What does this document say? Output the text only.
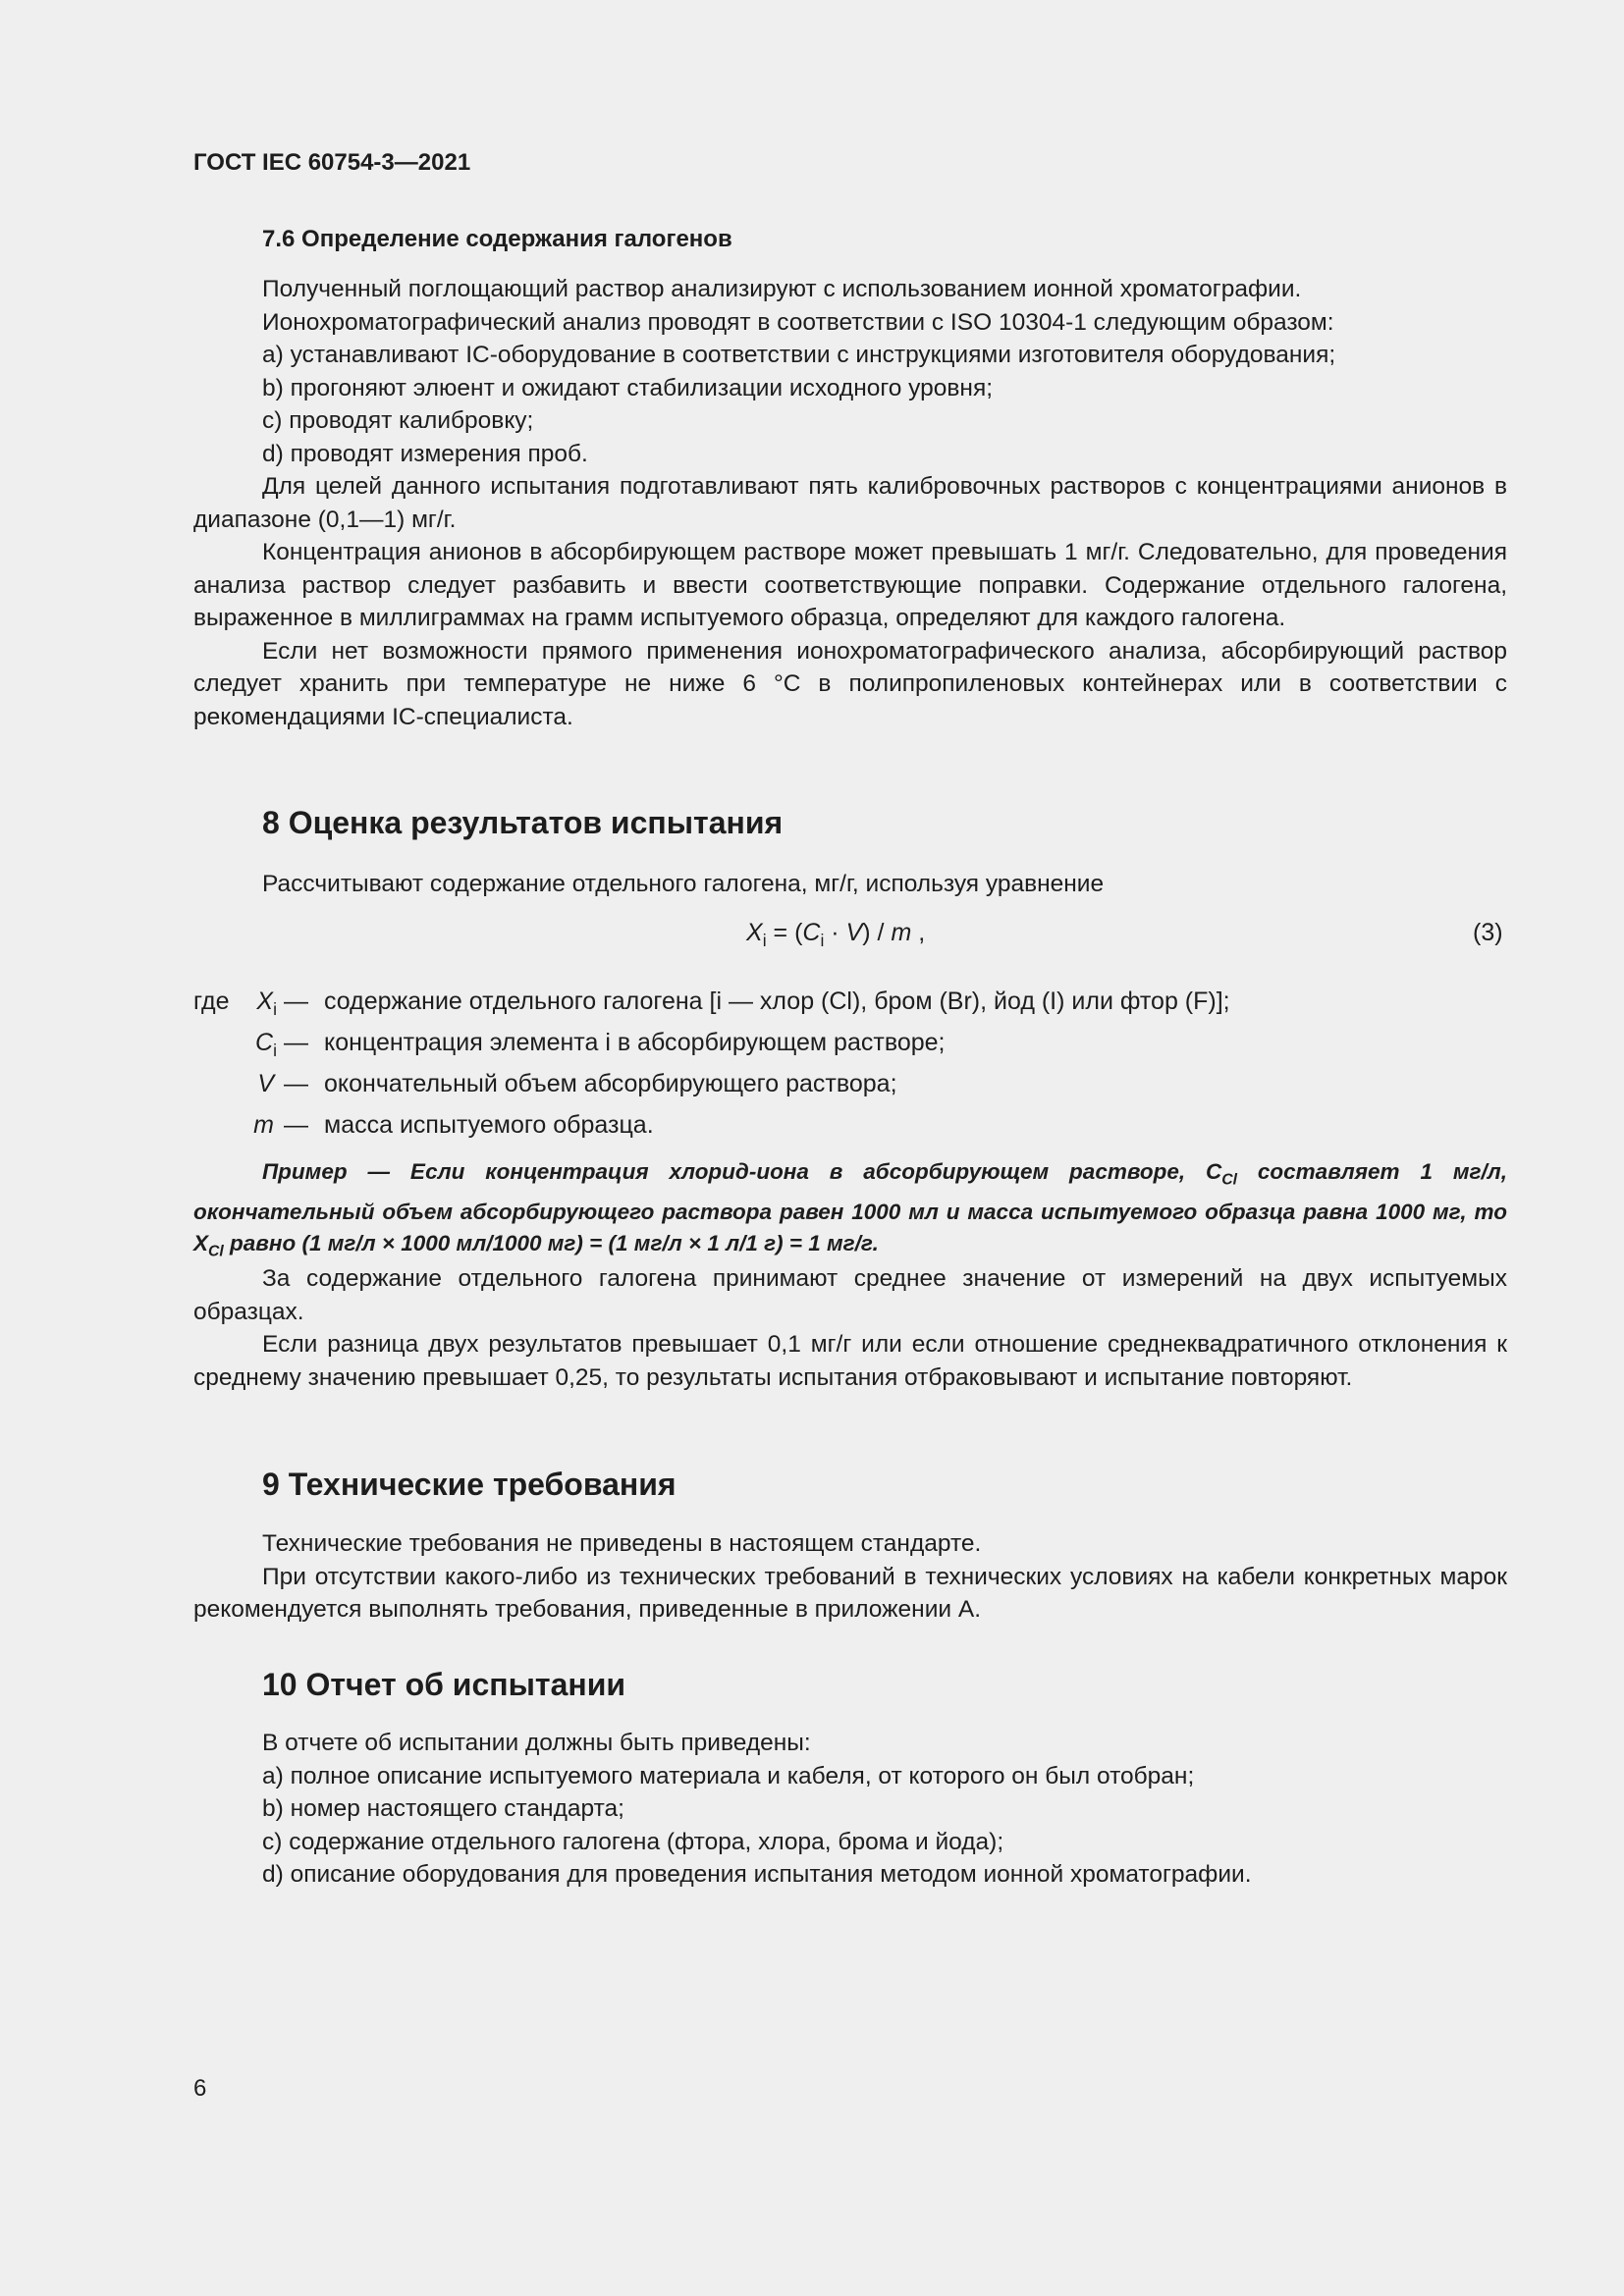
ГОСТ IEC 60754-3—2021
7.6 Определение содержания галогенов

Полученный поглощающий раствор анализируют с использованием ионной хроматографии.

Ионохроматографический анализ проводят в соответствии с ISO 10304-1 следующим образом:

a) устанавливают IC-оборудование в соответствии с инструкциями изготовителя оборудования;

b) прогоняют элюент и ожидают стабилизации исходного уровня;

c) проводят калибровку;

d) проводят измерения проб.

Для целей данного испытания подготавливают пять калибровочных растворов с концентрациями анионов в диапазоне (0,1—1) мг/г.

Концентрация анионов в абсорбирующем растворе может превышать 1 мг/г. Следовательно, для проведения анализа раствор следует разбавить и ввести соответствующие поправки. Содержание отдельного галогена, выраженное в миллиграммах на грамм испытуемого образца, определяют для каждого галогена.

Если нет возможности прямого применения ионохроматографического анализа, абсорбирующий раствор следует хранить при температуре не ниже 6 °С в полипропиленовых контейнерах или в соответствии с рекомендациями IC-специалиста.

8 Оценка результатов испытания

Рассчитывают содержание отдельного галогена, мг/г, используя уравнение

$X_i = (C_i \cdot V) / m$ ,	(3)
где	$X_i$ — содержание отдельного галогена [i — хлор (Cl), бром (Br), йод (I) или фтор (F)];
$C_i$ — концентрация элемента i в абсорбирующем растворе;
V — окончательный объем абсорбирующего раствора;
m — масса испытуемого образца.

Пример — Если концентрация хлорид-иона в абсорбирующем растворе, $С_{Cl}$ составляет 1 мг/л, окончательный объем абсорбирующего раствора равен 1000 мл и масса испытуемого образца равна 1000 мг, то $X_{Cl}$ равно (1 мг/л × 1000 мл/1000 мг) = (1 мг/л × 1 л/1 г) = 1 мг/г.

За содержание отдельного галогена принимают среднее значение от измерений на двух испытуемых образцах.

Если разница двух результатов превышает 0,1 мг/г или если отношение среднеквадратичного отклонения к среднему значению превышает 0,25, то результаты испытания отбраковывают и испытание повторяют.

9 Технические требования

Технические требования не приведены в настоящем стандарте.

При отсутствии какого-либо из технических требований в технических условиях на кабели конкретных марок рекомендуется выполнять требования, приведенные в приложении А.

10 Отчет об испытании

В отчете об испытании должны быть приведены:

a) полное описание испытуемого материала и кабеля, от которого он был отобран;

b) номер настоящего стандарта;

c) содержание отдельного галогена (фтора, хлора, брома и йода);

d) описание оборудования для проведения испытания методом ионной хроматографии.

6
